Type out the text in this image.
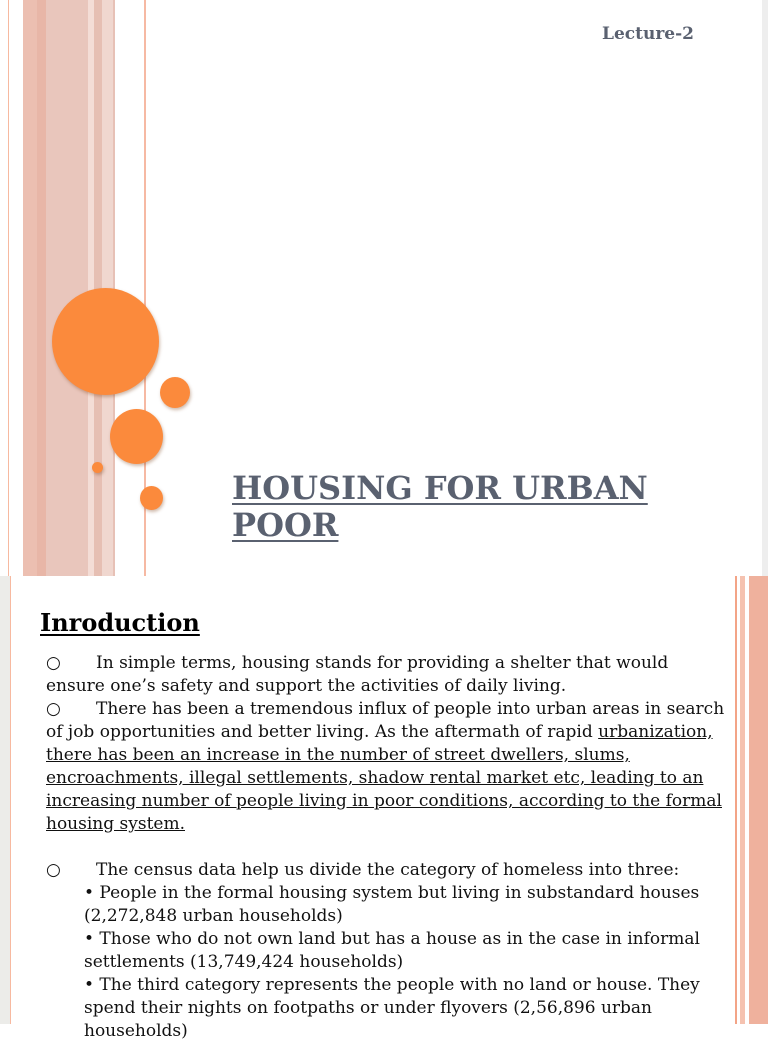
Lecture-2
HOUSING FOR URBAN
POOR
Inroduction

○ In simple terms, housing stands for providing a shelter that would ensure one’s safety and support the activities of daily living.

○ There has been a tremendous influx of people into urban areas in search of job opportunities and better living. As the aftermath of rapid urbanization, there has been an increase in the number of street dwellers, slums, encroachments, illegal settlements, shadow rental market etc, leading to an increasing number of people living in poor conditions, according to the formal housing system.

○ The census data help us divide the category of homeless into three:

• People in the formal housing system but living in substandard houses (2,272,848 urban households)

• Those who do not own land but has a house as in the case in informal settlements (13,749,424 households)

• The third category represents the people with no land or house. They spend their nights on footpaths or under flyovers (2,56,896 urban households)
